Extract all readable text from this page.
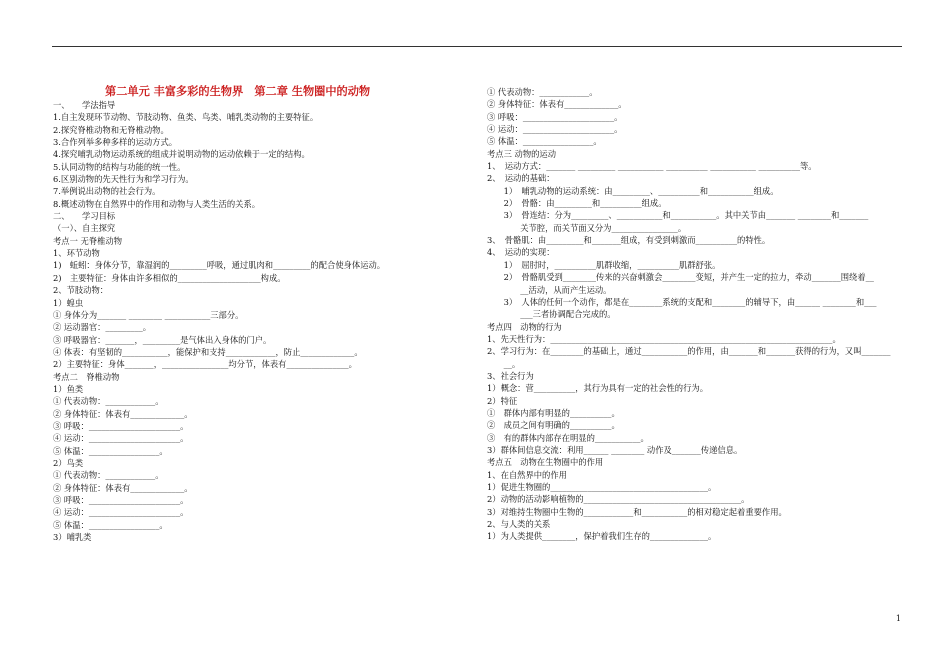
第二单元 丰富多彩的生物界　第二章 生物圈中的动物
一、　　学法指导
1.自主发现环节动物、节肢动物、鱼类、鸟类、哺乳类动物的主要特征。
2.探究脊椎动物和无脊椎动物。
3.合作列举多种多样的运动方式。
4.探究哺乳动物运动系统的组成并说明动物的运动依赖于一定的结构。
5.认同动物的结构与功能的统一性。
6.区别动物的先天性行为和学习行为。
7.举例说出动物的社会行为。
8.概述动物在自然界中的作用和动物与人类生活的关系。
二、　　学习目标
（一）、自主探究
考点一 无脊椎动物
1、环节动物
1)　蚯蚓：身体分节，靠湿润的_________呼吸，通过肌肉和_________的配合使身体运动。
2)　主要特征：身体由许多相似的____________________构成。
2、节肢动物：
1）蝗虫
① 身体分为_______ ________ ___________三部分。
② 运动器官：_________。
③ 呼吸器官：_______，_________是气体出入身体的门户。
④ 体表：有坚韧的___________，能保护和支持____________，防止_____________。
2）主要特征：身体_______，________________均分节，体表有_______________。
考点二　脊椎动物
1）鱼类
① 代表动物：____________。
② 身体特征：体表有_____________。
③ 呼吸：______________________。
④ 运动：______________________。
⑤ 体温：_________________。
2）鸟类
① 代表动物：____________。
② 身体特征：体表有_____________。
③ 呼吸：______________________。
④ 运动：______________________。
⑤ 体温：_________________。
3）哺乳类
① 代表动物：____________。
② 身体特征：体表有_____________。
③ 呼吸：______________________。
④ 运动：______________________。
⑤ 体温：_________________。
考点三 动物的运动
1、　运动方式：_______ _________ ___________ __________ ___________ __________等。
2、　运动的基础：
　　1）　哺乳动物的运动系统：由_________、__________和___________组成。
　　2）　骨骼：由_________和__________组成。
　　3）　骨连结：分为_________、___________和___________。其中关节由_______ ________和_______
　　　　关节腔，而关节面又分为________________。
3、　骨骼肌：由_________和_______组成，有受到刺激而__________的特性。
4、　运动的实现：
　　1）　屈肘时，__________肌群收缩，__________肌群舒张。
　　2）　骨骼肌受到________传来的兴奋刺激会________变短，并产生一定的拉力，牵动_______围绕着__
　　　　__活动，从而产生运动。
　　3）　人体的任何一个动作，都是在________系统的支配和________的辅导下，由______ ________和___
　　　　___三者协调配合完成的。
考点四　动物的行为
1、先天性行为：____________________________________________________________________。
2、学习行为：在________的基础上，通过___________的作用，由_______和_______获得的行为，又叫_______
　　__。
3、社会行为
1）概念：营__________，其行为具有一定的社会性的行为。
2）特征
①　群体内部有明显的__________。
②　成员之间有明确的__________。
③　有的群体内部存在明显的___________。
3）群体间信息交流：利用______ ________ 动作及_______传递信息。
考点五　动物在生物圈中的作用
1、在自然界中的作用
1）促进生物圈的______________________________________。
2）动物的活动影响植物的______________________________________。
3）对维持生物圈中生物的____________和___________的相对稳定起着重要作用。
2、与人类的关系
1）为人类提供________，保护着我们生存的______________。
1
